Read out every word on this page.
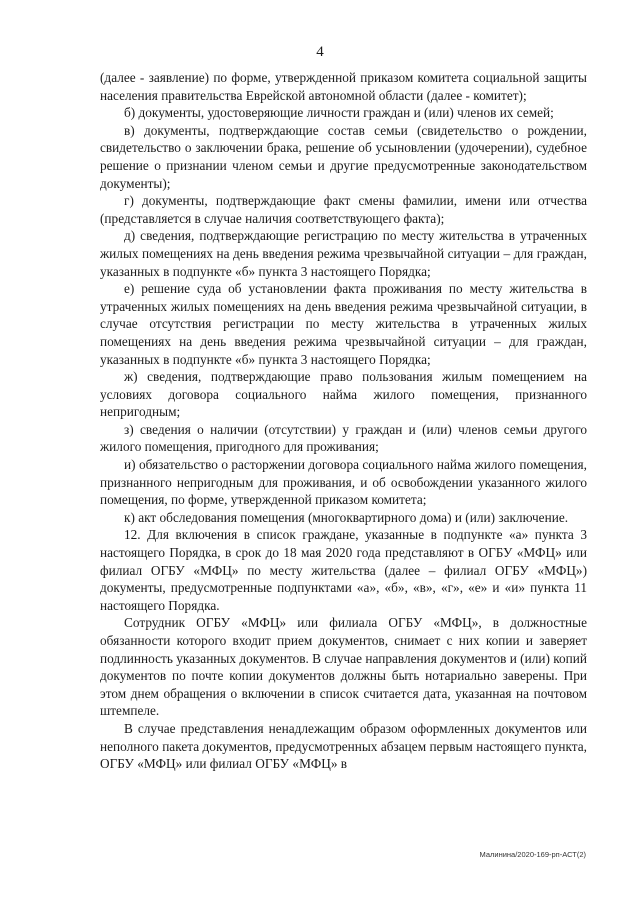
4

(далее - заявление) по форме, утвержденной приказом комитета социальной защиты населения правительства Еврейской автономной области (далее - комитет);

б) документы, удостоверяющие личности граждан и (или) членов их семей;

в) документы, подтверждающие состав семьи (свидетельство о рождении, свидетельство о заключении брака, решение об усыновлении (удочерении), судебное решение о признании членом семьи и другие предусмотренные законодательством документы);

г) документы, подтверждающие факт смены фамилии, имени или отчества (представляется в случае наличия соответствующего факта);

д) сведения, подтверждающие регистрацию по месту жительства в утраченных жилых помещениях на день введения режима чрезвычайной ситуации – для граждан, указанных в подпункте «б» пункта 3 настоящего Порядка;

е) решение суда об установлении факта проживания по месту жительства в утраченных жилых помещениях на день введения режима чрезвычайной ситуации, в случае отсутствия регистрации по месту жительства в утраченных жилых помещениях на день введения режима чрезвычайной ситуации – для граждан, указанных в подпункте «б» пункта 3 настоящего Порядка;

ж) сведения, подтверждающие право пользования жилым помещением на условиях договора социального найма жилого помещения, признанного непригодным;

з) сведения о наличии (отсутствии) у граждан и (или) членов семьи другого жилого помещения, пригодного для проживания;

и) обязательство о расторжении договора социального найма жилого помещения, признанного непригодным для проживания, и об освобождении указанного жилого помещения, по форме, утвержденной приказом комитета;

к) акт обследования помещения (многоквартирного дома) и (или) заключение.

12. Для включения в список граждане, указанные в подпункте «а» пункта 3 настоящего Порядка, в срок до 18 мая 2020 года представляют в ОГБУ «МФЦ» или филиал ОГБУ «МФЦ» по месту жительства (далее – филиал ОГБУ «МФЦ») документы, предусмотренные подпунктами «а», «б», «в», «г», «е» и «и» пункта 11 настоящего Порядка.

Сотрудник ОГБУ «МФЦ» или филиала ОГБУ «МФЦ», в должностные обязанности которого входит прием документов, снимает с них копии и заверяет подлинность указанных документов. В случае направления документов и (или) копий документов по почте копии документов должны быть нотариально заверены. При этом днем обращения о включении в список считается дата, указанная на почтовом штемпеле.

В случае представления ненадлежащим образом оформленных документов или неполного пакета документов, предусмотренных абзацем первым настоящего пункта, ОГБУ «МФЦ» или филиал ОГБУ «МФЦ» в

Малинина/2020-169-рп-АСТ(2)
